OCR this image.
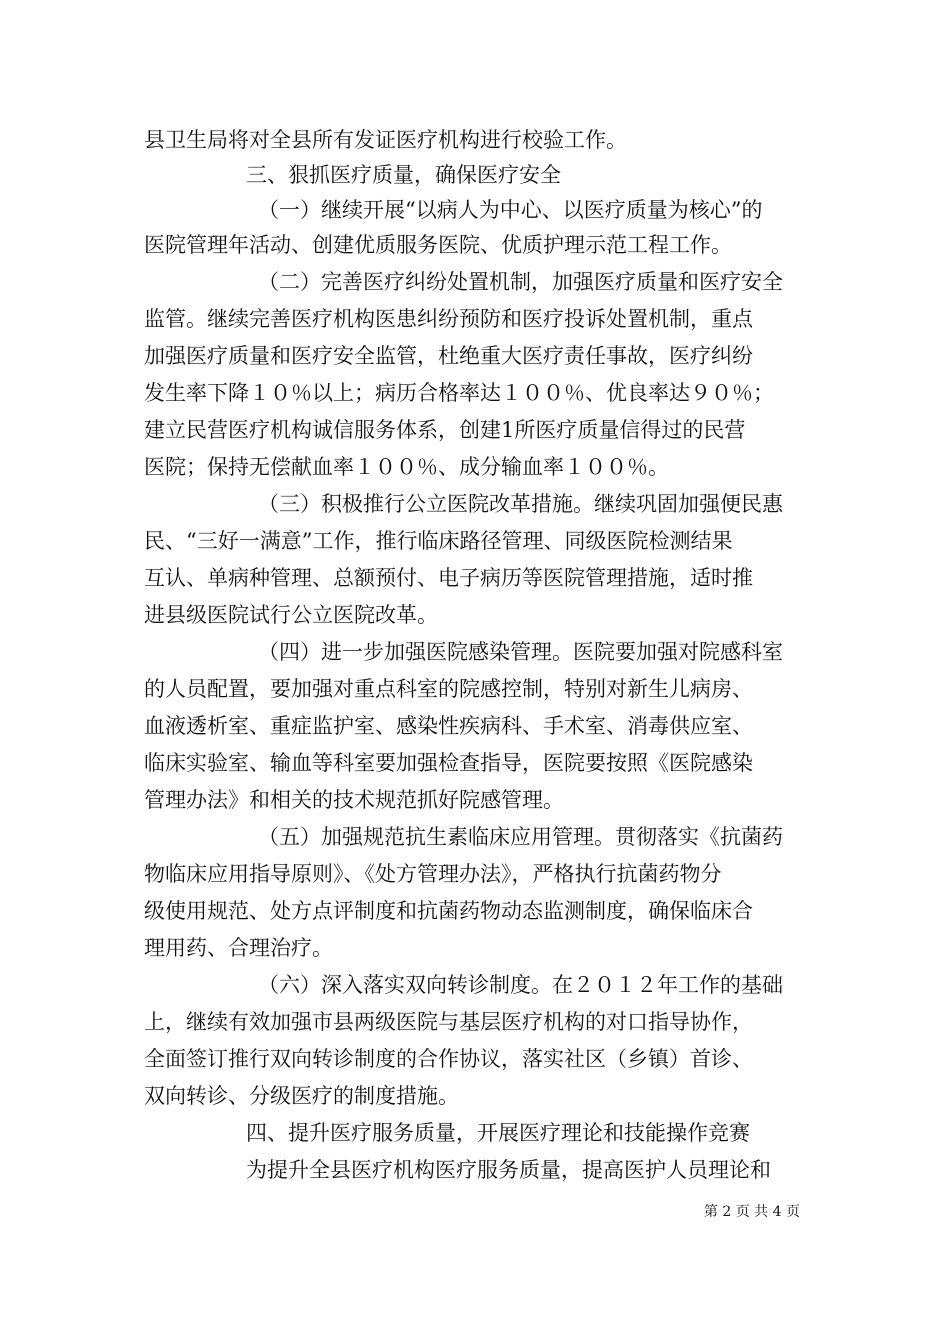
县卫生局将对全县所有发证医疗机构进行校验工作。
三、狠抓医疗质量，确保医疗安全
（一）继续开展“以病人为中心、以医疗质量为核心”的
医院管理年活动、创建优质服务医院、优质护理示范工程工作。
（二）完善医疗纠纷处置机制，加强医疗质量和医疗安全
监管。继续完善医疗机构医患纠纷预防和医疗投诉处置机制，重点
加强医疗质量和医疗安全监管，杜绝重大医疗责任事故，医疗纠纷
发生率下降１０％以上；病历合格率达１００％、优良率达９０％；
建立民营医疗机构诚信服务体系，创建1所医疗质量信得过的民营
医院；保持无偿献血率１００％、成分输血率１００％。
（三）积极推行公立医院改革措施。继续巩固加强便民惠
民、“三好一满意”工作，推行临床路径管理、同级医院检测结果
互认、单病种管理、总额预付、电子病历等医院管理措施，适时推
进县级医院试行公立医院改革。
（四）进一步加强医院感染管理。医院要加强对院感科室
的人员配置，要加强对重点科室的院感控制，特别对新生儿病房、
血液透析室、重症监护室、感染性疾病科、手术室、消毒供应室、
临床实验室、输血等科室要加强检查指导，医院要按照《医院感染
管理办法》和相关的技术规范抓好院感管理。
（五）加强规范抗生素临床应用管理。贯彻落实《抗菌药
物临床应用指导原则》、《处方管理办法》，严格执行抗菌药物分
级使用规范、处方点评制度和抗菌药物动态监测制度，确保临床合
理用药、合理治疗。
（六）深入落实双向转诊制度。在２０１２年工作的基础
上，继续有效加强市县两级医院与基层医疗机构的对口指导协作，
全面签订推行双向转诊制度的合作协议，落实社区（乡镇）首诊、
双向转诊、分级医疗的制度措施。
四、提升医疗服务质量，开展医疗理论和技能操作竞赛
为提升全县医疗机构医疗服务质量，提高医护人员理论和
第 2 页 共 4 页
